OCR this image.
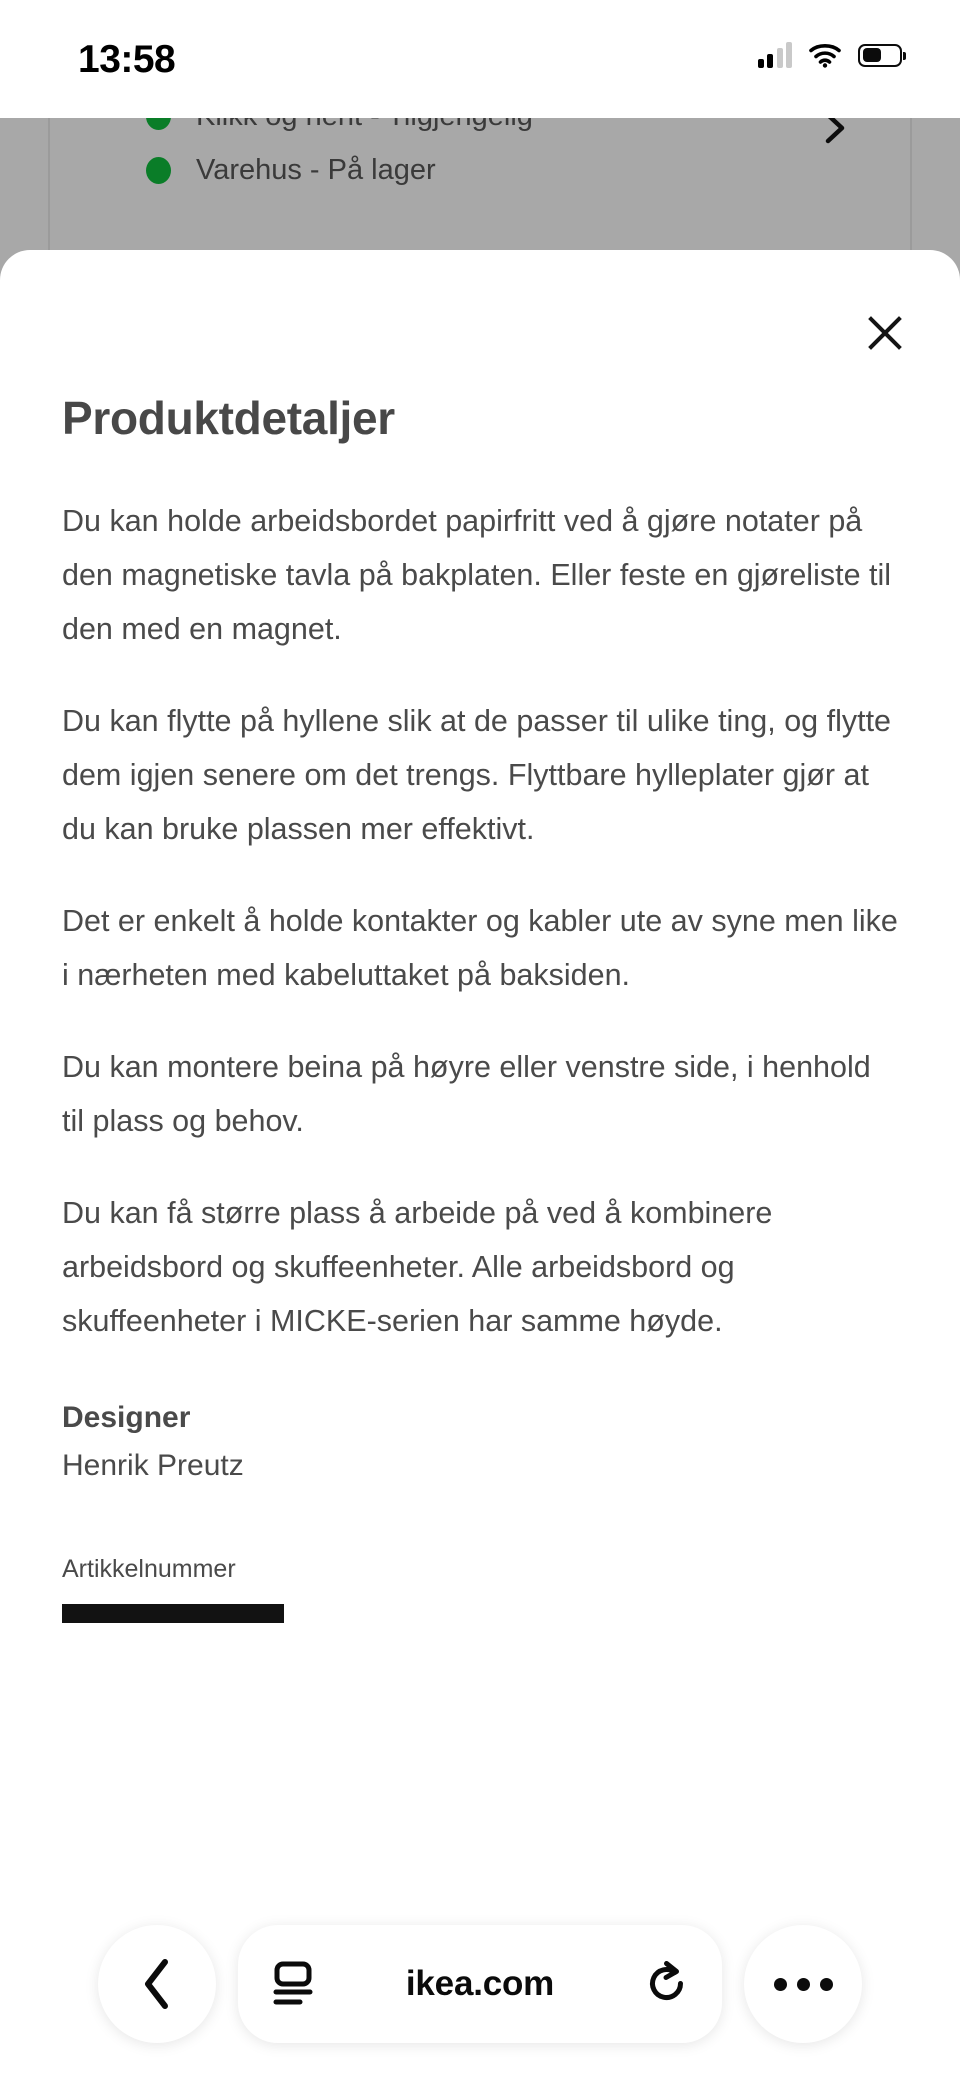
13:58
Varehus - På lager
Produktdetaljer

Du kan holde arbeidsbordet papirfritt ved å gjøre notater på den magnetiske tavla på bakplaten. Eller feste en gjøreliste til den med en magnet.

Du kan flytte på hyllene slik at de passer til ulike ting, og flytte dem igjen senere om det trengs. Flyttbare hylleplater gjør at du kan bruke plassen mer effektivt.

Det er enkelt å holde kontakter og kabler ute av syne men like i nærheten med kabeluttaket på baksiden.

Du kan montere beina på høyre eller venstre side, i henhold til plass og behov.

Du kan få større plass å arbeide på ved å kombinere arbeidsbord og skuffeenheter. Alle arbeidsbord og skuffeenheter i MICKE-serien har samme høyde.

Designer
Henrik Preutz
Artikkelnummer
ikea.com
